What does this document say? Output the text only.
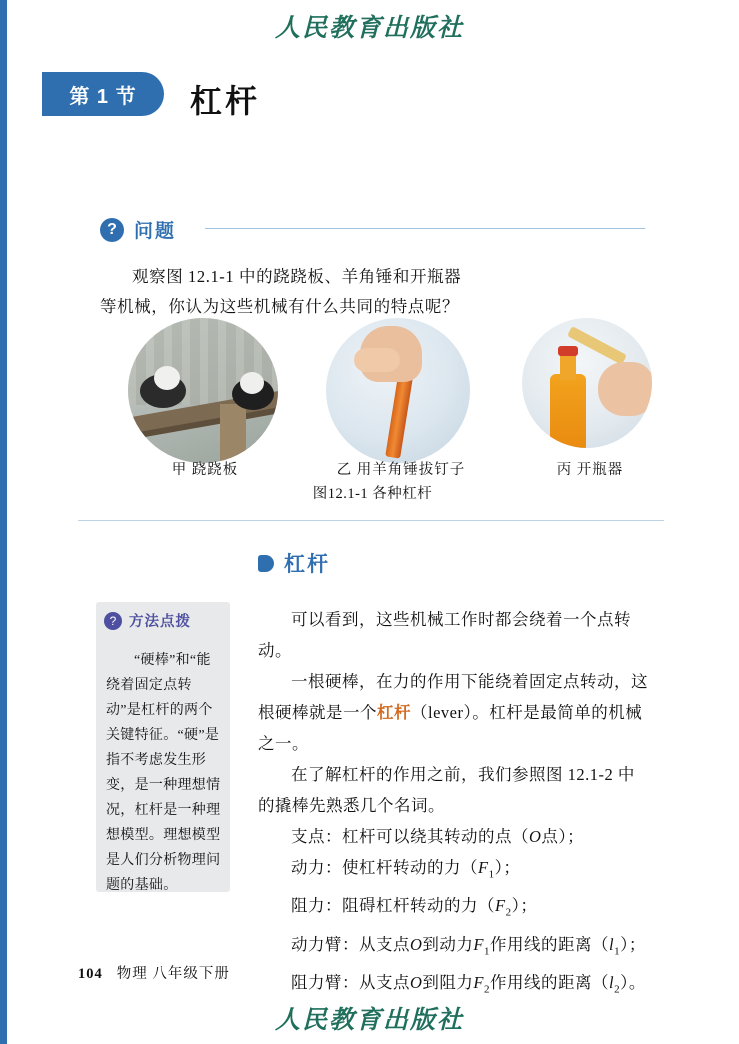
人民教育出版社
第 1 节	杠杆
? 问题
观察图 12.1-1 中的跷跷板、羊角锤和开瓶器
等机械，你认为这些机械有什么共同的特点呢？
甲 跷跷板	乙 用羊角锤拔钉子	丙 开瓶器
图12.1-1 各种杠杆
杠杆
? 方法点拨
“硬棒”和“能绕着固定点转动”是杠杆的两个关键特征。“硬”是指不考虑发生形变，是一种理想情况，杠杆是一种理想模型。理想模型是人们分析物理问题的基础。

可以看到，这些机械工作时都会绕着一个点转动。

一根硬棒，在力的作用下能绕着固定点转动，这根硬棒就是一个杠杆（lever）。杠杆是最简单的机械之一。

在了解杠杆的作用之前，我们参照图 12.1-2 中的撬棒先熟悉几个名词。

支点：杠杆可以绕其转动的点（O点）；

动力：使杠杆转动的力$(F_1)$；

阻力：阻碍杠杆转动的力$(F_2)$；

动力臂：从支点O到动力$F_1$作用线的距离$(l_1)$；

阻力臂：从支点O到阻力$F_2$作用线的距离$(l_2)$。

104 物理 八年级下册
人民教育出版社
